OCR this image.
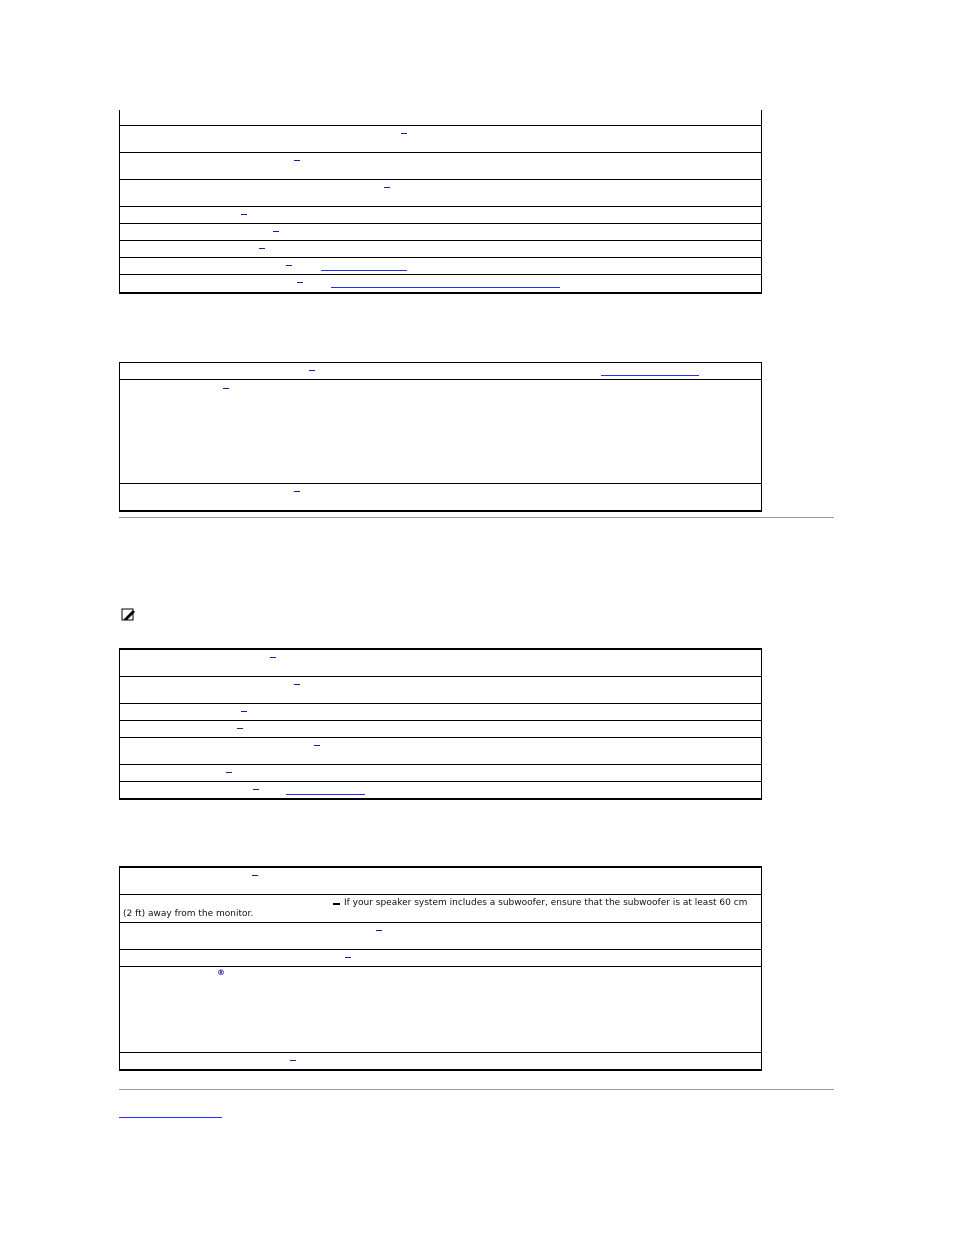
If your speaker system includes a subwoofer, ensure that the subwoofer is at least 60 cm
(2 ft) away from the monitor.
®
